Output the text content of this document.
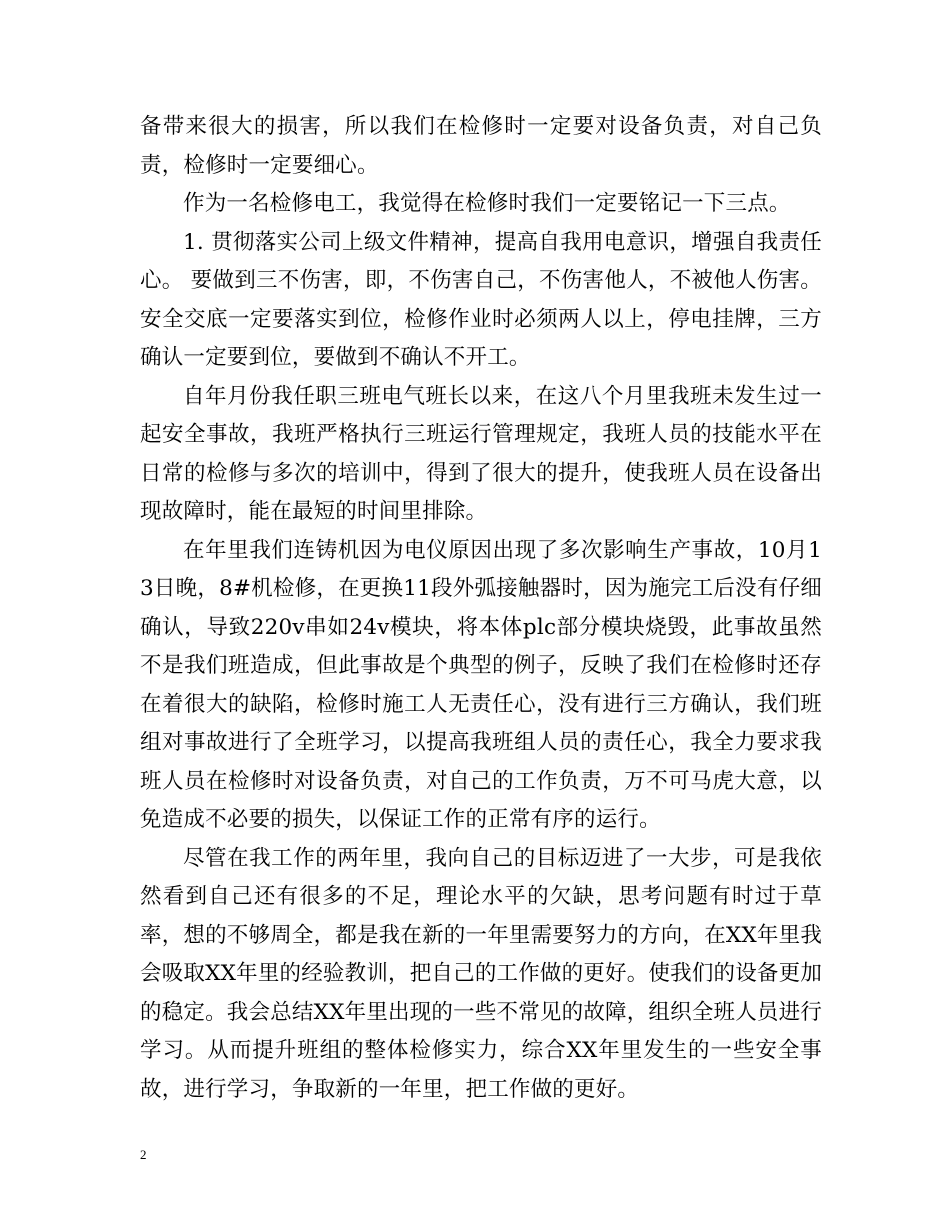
备带来很大的损害，所以我们在检修时一定要对设备负责，对自己负责，检修时一定要细心。

作为一名检修电工，我觉得在检修时我们一定要铭记一下三点。

1. 贯彻落实公司上级文件精神，提高自我用电意识，增强自我责任心。 要做到三不伤害，即，不伤害自己，不伤害他人，不被他人伤害。 安全交底一定要落实到位，检修作业时必须两人以上，停电挂牌，三方确认一定要到位，要做到不确认不开工。

自年月份我任职三班电气班长以来，在这八个月里我班未发生过一起安全事故，我班严格执行三班运行管理规定，我班人员的技能水平在日常的检修与多次的培训中，得到了很大的提升，使我班人员在设备出现故障时，能在最短的时间里排除。

在年里我们连铸机因为电仪原因出现了多次影响生产事故，10月13日晚，8#机检修，在更换11段外弧接触器时，因为施完工后没有仔细确认，导致220v串如24v模块，将本体plc部分模块烧毁，此事故虽然不是我们班造成，但此事故是个典型的例子，反映了我们在检修时还存在着很大的缺陷，检修时施工人无责任心，没有进行三方确认，我们班组对事故进行了全班学习，以提高我班组人员的责任心，我全力要求我班人员在检修时对设备负责，对自己的工作负责，万不可马虎大意，以免造成不必要的损失，以保证工作的正常有序的运行。

尽管在我工作的两年里，我向自己的目标迈进了一大步，可是我依然看到自己还有很多的不足，理论水平的欠缺，思考问题有时过于草率，想的不够周全，都是我在新的一年里需要努力的方向，在XX年里我会吸取XX年里的经验教训，把自己的工作做的更好。使我们的设备更加的稳定。我会总结XX年里出现的一些不常见的故障，组织全班人员进行学习。从而提升班组的整体检修实力，综合XX年里发生的一些安全事故，进行学习，争取新的一年里，把工作做的更好。

2
